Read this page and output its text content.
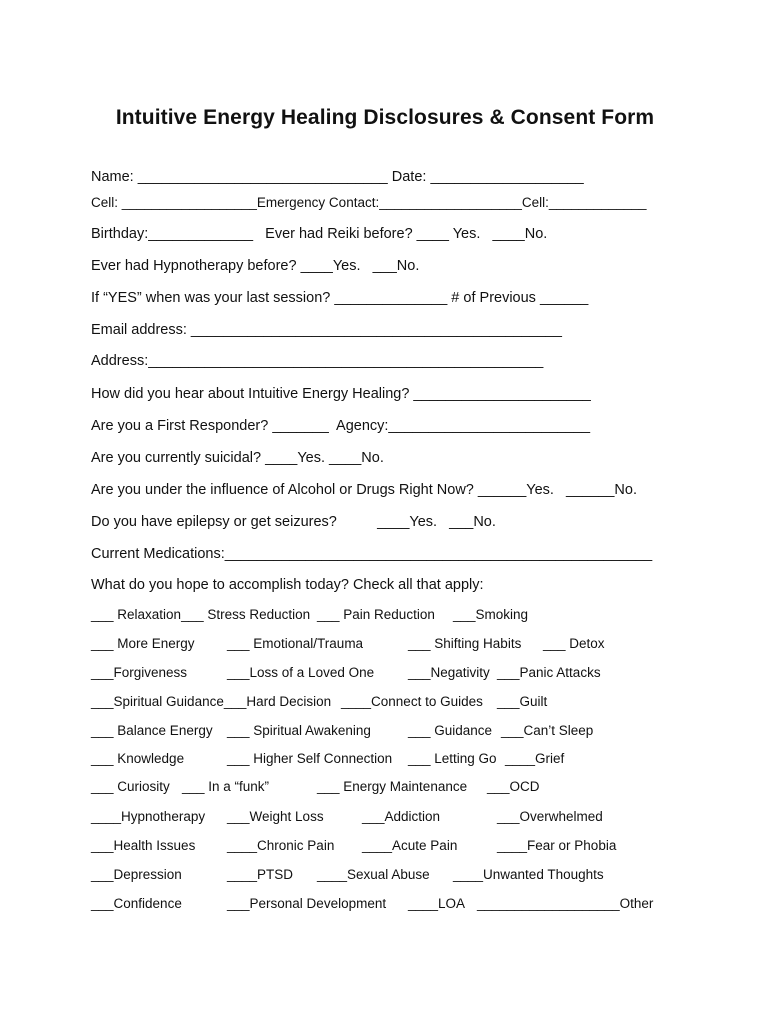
Intuitive Energy Healing Disclosures & Consent Form
Name: _______________________________ Date: ___________________
Cell: __________________Emergency Contact:___________________Cell:_____________
Birthday:_____________   Ever had Reiki before? ____ Yes.   ____No.
Ever had Hypnotherapy before? ____Yes.   ___No.
If “YES” when was your last session? ______________ # of Previous ______
Email address: ______________________________________________
Address:_________________________________________________
How did you hear about Intuitive Energy Healing? ______________________
Are you a First Responder? _______  Agency:_________________________
Are you currently suicidal? ____Yes. ____No.
Are you under the influence of Alcohol or Drugs Right Now? ______Yes.   ______No.
Do you have epilepsy or get seizures?          ____Yes.   ___No.
Current Medications:_____________________________________________________
What do you hope to accomplish today? Check all that apply:
___ Relaxation___ Stress Reduction ___ Pain Reduction ___Smoking
___ More Energy ___ Emotional/Trauma	___ Shifting Habits ___ Detox
___Forgiveness	___Loss of a Loved One	___Negativity ___Panic Attacks
___Spiritual Guidance___Hard Decision ____Connect to Guides ___Guilt
___ Balance Energy ___ Spiritual Awakening	___ Guidance ___Can’t Sleep
___ Knowledge	___ Higher Self Connection ___ Letting Go ____Grief
___ Curiosity ___ In a “funk”	___ Energy Maintenance ___OCD
____Hypnotherapy ___Weight Loss	___Addiction	___Overwhelmed
___Health Issues ____Chronic Pain ____Acute Pain	____Fear or Phobia
___Depression	____PTSD ____Sexual Abuse ____Unwanted Thoughts
___Confidence	___Personal Development ____LOA ___________________Other
